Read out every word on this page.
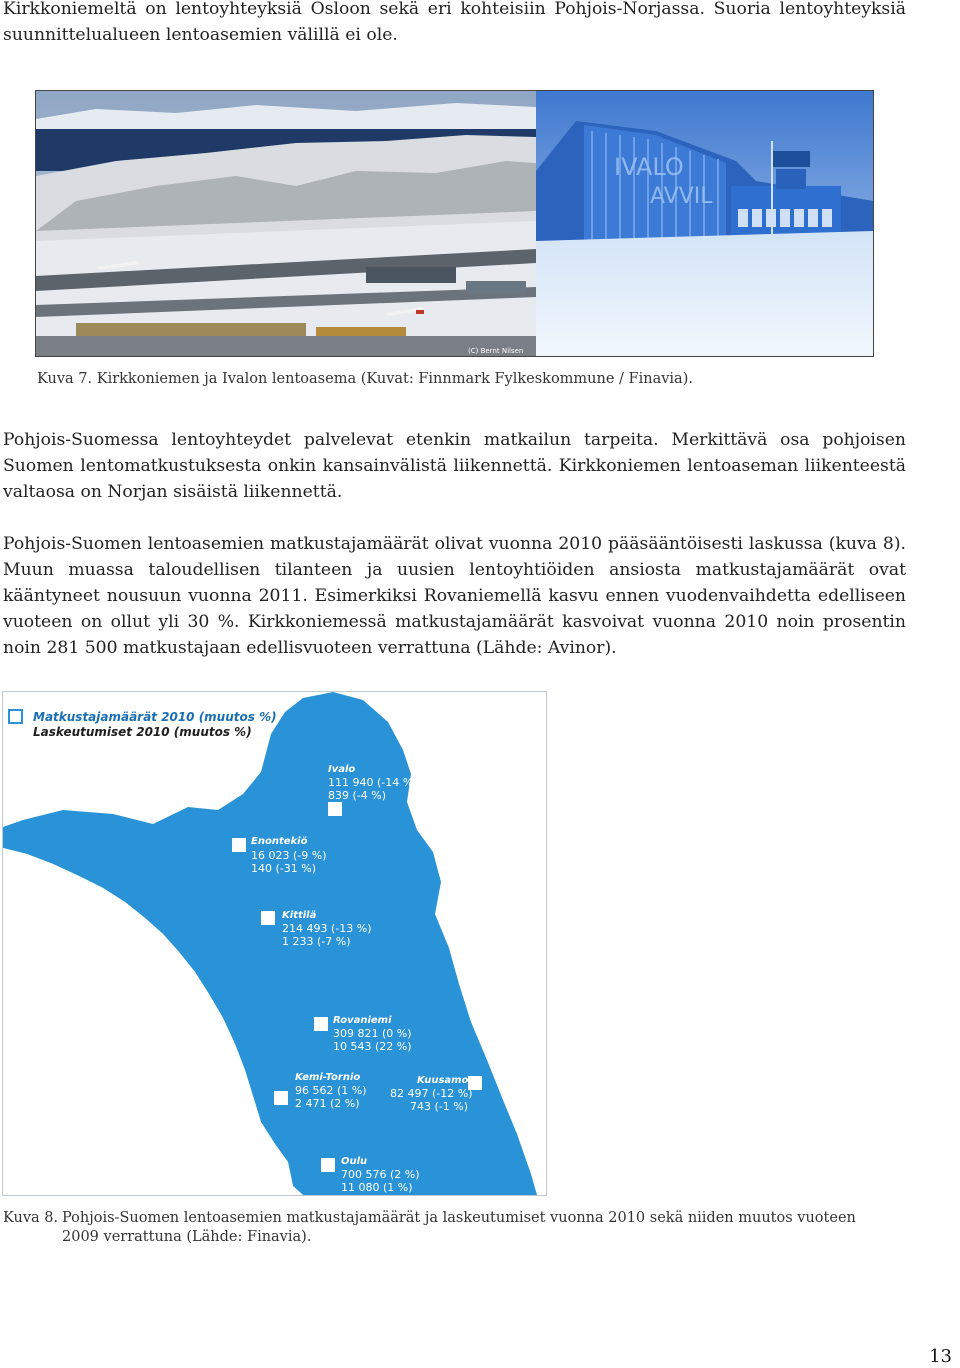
Kirkkoniemeltä on lentoyhteyksiä Osloon sekä eri kohteisiin Pohjois-Norjassa. Suoria lentoyhteyksiä suunnittelualueen lentoasemien välillä ei ole.
(C) Bernt Nilsen
IVALO
AVVIL
Kuva 7. Kirkkoniemen ja Ivalon lentoasema (Kuvat: Finnmark Fylkeskommune / Finavia).
Pohjois-Suomessa lentoyhteydet palvelevat etenkin matkailun tarpeita. Merkittävä osa pohjoisen Suomen lentomatkustuksesta onkin kansainvälistä liikennettä. Kirkkoniemen lentoaseman liikenteestä valtaosa on Norjan sisäistä liikennettä.
Pohjois-Suomen lentoasemien matkustajamäärät olivat vuonna 2010 pääsääntöisesti laskussa (kuva 8). Muun muassa taloudellisen tilanteen ja uusien lentoyhtiöiden ansiosta matkustajamäärät ovat kääntyneet nousuun vuonna 2011. Esimerkiksi Rovaniemellä kasvu ennen vuodenvaihdetta edelliseen vuoteen on ollut yli 30 %. Kirkkoniemessä matkustajamäärät kasvoivat vuonna 2010 noin prosentin noin 281 500 matkustajaan edellisvuoteen verrattuna (Lähde: Avinor).
Matkustajamäärät 2010 (muutos %)
Laskeutumiset 2010 (muutos %)
Ivalo
111 940 (-14 %)
839 (-4 %)
Enontekiö
16 023 (-9 %)
140 (-31 %)
Kittilä
214 493 (-13 %)
1 233 (-7 %)
Rovaniemi
309 821 (0 %)
10 543 (22 %)
Kemi-Tornio
96 562 (1 %)
2 471 (2 %)
Kuusamo
82 497 (-12 %)
743 (-1 %)
Oulu
700 576 (2 %)
11 080 (1 %)
Kuva 8. Pohjois-Suomen lentoasemien matkustajamäärät ja laskeutumiset vuonna 2010 sekä niiden muutos vuoteen 2009 verrattuna (Lähde: Finavia).
13
